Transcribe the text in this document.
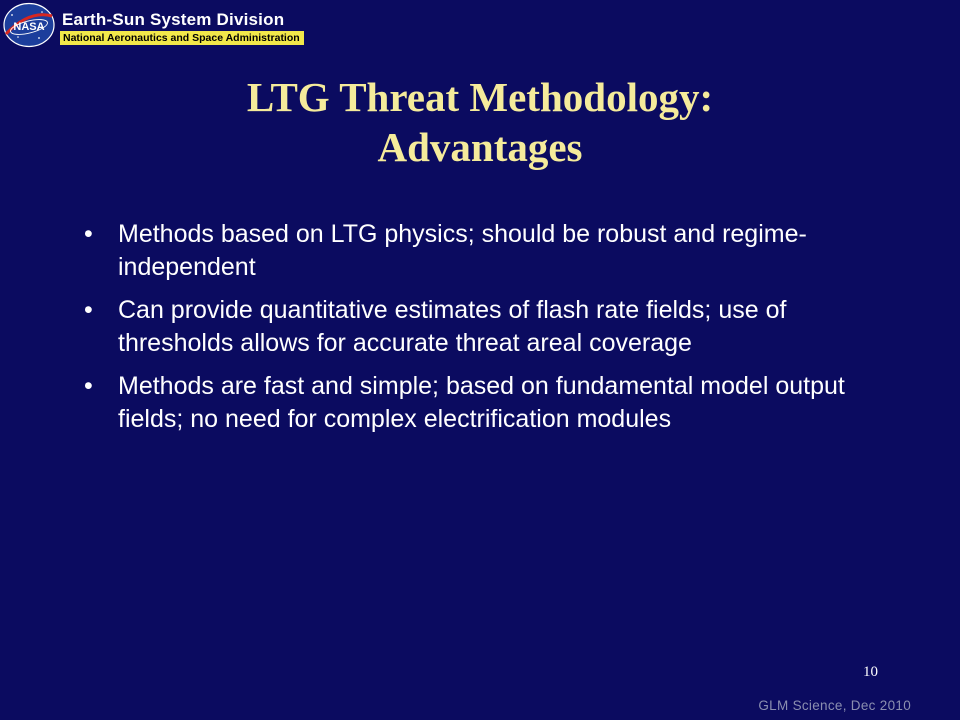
NASA Earth-Sun System Division
National Aeronautics and Space Administration
LTG Threat Methodology:
Advantages
• Methods based on LTG physics; should be robust and regime-independent
• Can provide quantitative estimates of flash rate fields; use of thresholds allows for accurate threat areal coverage
• Methods are fast and simple; based on fundamental model output fields; no need for complex electrification modules
10
GLM Science, Dec 2010
